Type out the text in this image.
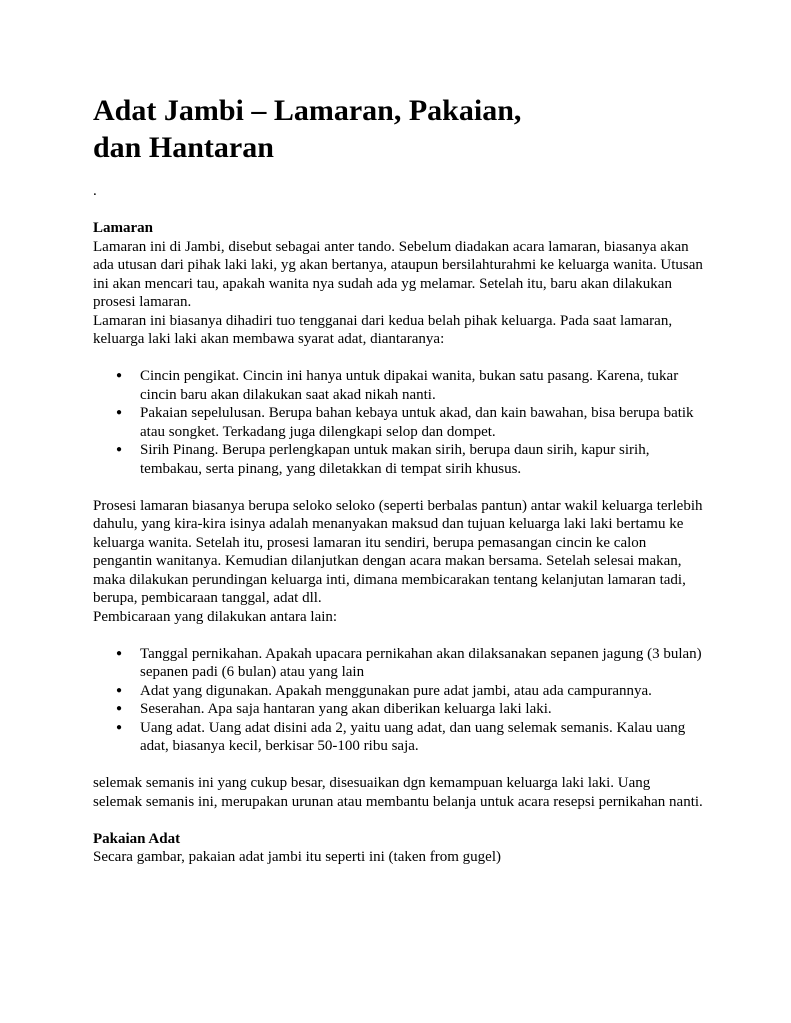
Adat Jambi – Lamaran, Pakaian,
dan Hantaran
.
Lamaran

Lamaran ini di Jambi, disebut sebagai anter tando. Sebelum diadakan acara lamaran, biasanya akan ada utusan dari pihak laki laki, yg akan bertanya, ataupun bersilahturahmi ke keluarga wanita. Utusan ini akan mencari tau, apakah wanita nya sudah ada yg melamar. Setelah itu, baru akan dilakukan prosesi lamaran.

Lamaran ini biasanya dihadiri tuo tengganai dari kedua belah pihak keluarga. Pada saat lamaran, keluarga laki laki akan membawa syarat adat, diantaranya:

● Cincin pengikat. Cincin ini hanya untuk dipakai wanita, bukan satu pasang. Karena, tukar cincin baru akan dilakukan saat akad nikah nanti.
● Pakaian sepelulusan. Berupa bahan kebaya untuk akad, dan kain bawahan, bisa berupa batik atau songket. Terkadang juga dilengkapi selop dan dompet.
● Sirih Pinang. Berupa perlengkapan untuk makan sirih, berupa daun sirih, kapur sirih, tembakau, serta pinang, yang diletakkan di tempat sirih khusus.

Prosesi lamaran biasanya berupa seloko seloko (seperti berbalas pantun) antar wakil keluarga terlebih dahulu, yang kira-kira isinya adalah menanyakan maksud dan tujuan keluarga laki laki bertamu ke keluarga wanita. Setelah itu, prosesi lamaran itu sendiri, berupa pemasangan cincin ke calon pengantin wanitanya. Kemudian dilanjutkan dengan acara makan bersama. Setelah selesai makan, maka dilakukan perundingan keluarga inti, dimana membicarakan tentang kelanjutan lamaran tadi, berupa, pembicaraan tanggal, adat dll.

Pembicaraan yang dilakukan antara lain:

● Tanggal pernikahan. Apakah upacara pernikahan akan dilaksanakan sepanen jagung (3 bulan) sepanen padi (6 bulan) atau yang lain
● Adat yang digunakan. Apakah menggunakan pure adat jambi, atau ada campurannya.
● Seserahan. Apa saja hantaran yang akan diberikan keluarga laki laki.
● Uang adat. Uang adat disini ada 2, yaitu uang adat, dan uang selemak semanis. Kalau uang adat, biasanya kecil, berkisar 50-100 ribu saja.

selemak semanis ini yang cukup besar, disesuaikan dgn kemampuan keluarga laki laki. Uang selemak semanis ini, merupakan urunan atau membantu belanja untuk acara resepsi pernikahan nanti.

Pakaian Adat

Secara gambar, pakaian adat jambi itu seperti ini (taken from gugel)
